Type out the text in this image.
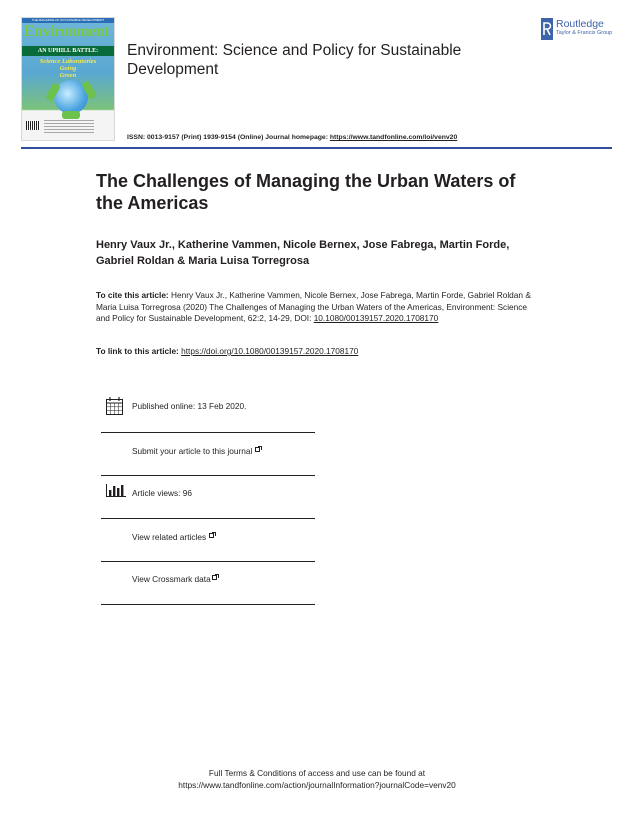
THE MAGAZINE OF SUSTAINABLE DEVELOPMENT
Environment
AN UPHILL BATTLE:
Science Laboratories
Going
Green
Environment: Science and Policy for Sustainable Development
Routledge
Taylor & Francis Group
ISSN: 0013-9157 (Print) 1939-9154 (Online) Journal homepage: https://www.tandfonline.com/loi/venv20
The Challenges of Managing the Urban Waters of the Americas
Henry Vaux Jr., Katherine Vammen, Nicole Bernex, Jose Fabrega, Martin Forde, Gabriel Roldan & Maria Luisa Torregrosa
To cite this article: Henry Vaux Jr., Katherine Vammen, Nicole Bernex, Jose Fabrega, Martin Forde, Gabriel Roldan & Maria Luisa Torregrosa (2020) The Challenges of Managing the Urban Waters of the Americas, Environment: Science and Policy for Sustainable Development, 62:2, 14-29, DOI: 10.1080/00139157.2020.1708170
To link to this article: https://doi.org/10.1080/00139157.2020.1708170
Published online: 13 Feb 2020.
Submit your article to this journal
Article views: 96
View related articles
View Crossmark data
Full Terms & Conditions of access and use can be found at
https://www.tandfonline.com/action/journalInformation?journalCode=venv20
